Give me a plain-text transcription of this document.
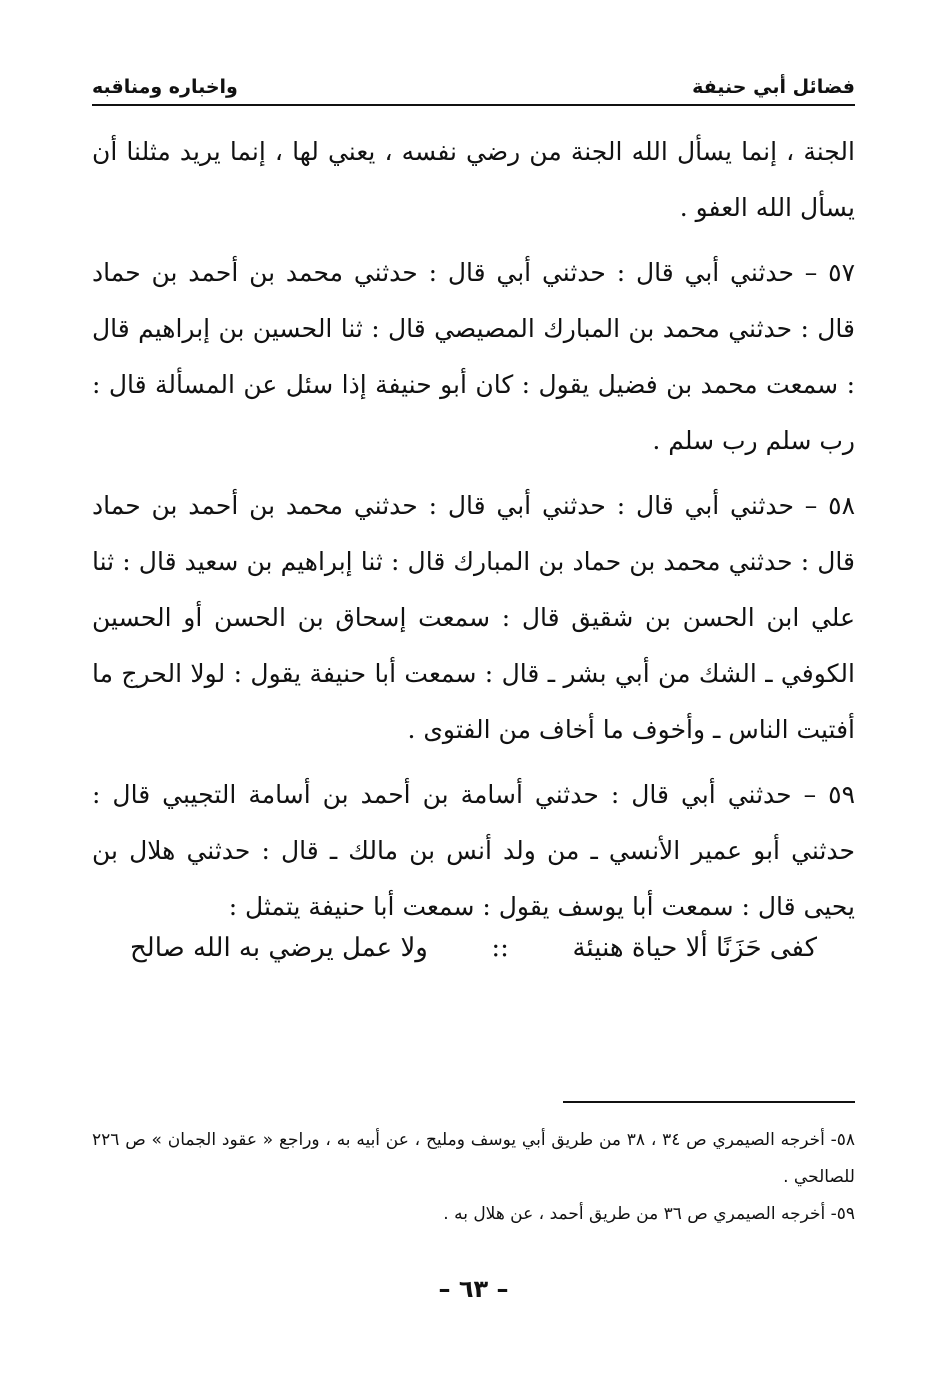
فضائل أبي حنيفة
واخباره ومناقبه

الجنة ، إنما يسأل الله الجنة من رضي نفسه ، يعني لها ، إنما يريد مثلنا أن يسأل الله العفو .

٥٧ – حدثني أبي قال : حدثني أبي قال : حدثني محمد بن أحمد بن حماد قال : حدثني محمد بن المبارك المصيصي قال : ثنا الحسين بن إبراهيم قال : سمعت محمد بن فضيل يقول : كان أبو حنيفة إذا سئل عن المسألة قال : رب سلم رب سلم .

٥٨ – حدثني أبي قال : حدثني أبي قال : حدثني محمد بن أحمد بن حماد قال : حدثني محمد بن حماد بن المبارك قال : ثنا إبراهيم بن سعيد قال : ثنا علي ابن الحسن بن شقيق قال : سمعت إسحاق بن الحسن أو الحسين الكوفي ـ الشك من أبي بشر ـ قال : سمعت أبا حنيفة يقول : لولا الحرج ما أفتيت الناس ـ وأخوف ما أخاف من الفتوى .

٥٩ – حدثني أبي قال : حدثني أسامة بن أحمد بن أسامة التجيبي قال : حدثني أبو عمير الأنسي ـ من ولد أنس بن مالك ـ قال : حدثني هلال بن يحيى قال : سمعت أبا يوسف يقول : سمعت أبا حنيفة يتمثل :

كفى حَزَنًا ألا حياة هنيئة
::
ولا عمل يرضي به الله صالح

٥٨- أخرجه الصيمري ص ٣٤ ، ٣٨ من طريق أبي يوسف ومليح ، عن أبيه به ، وراجع « عقود الجمان » ص ٢٢٦ للصالحي .

٥٩- أخرجه الصيمري ص ٣٦ من طريق أحمد ، عن هلال به .

– ٦٣ –
